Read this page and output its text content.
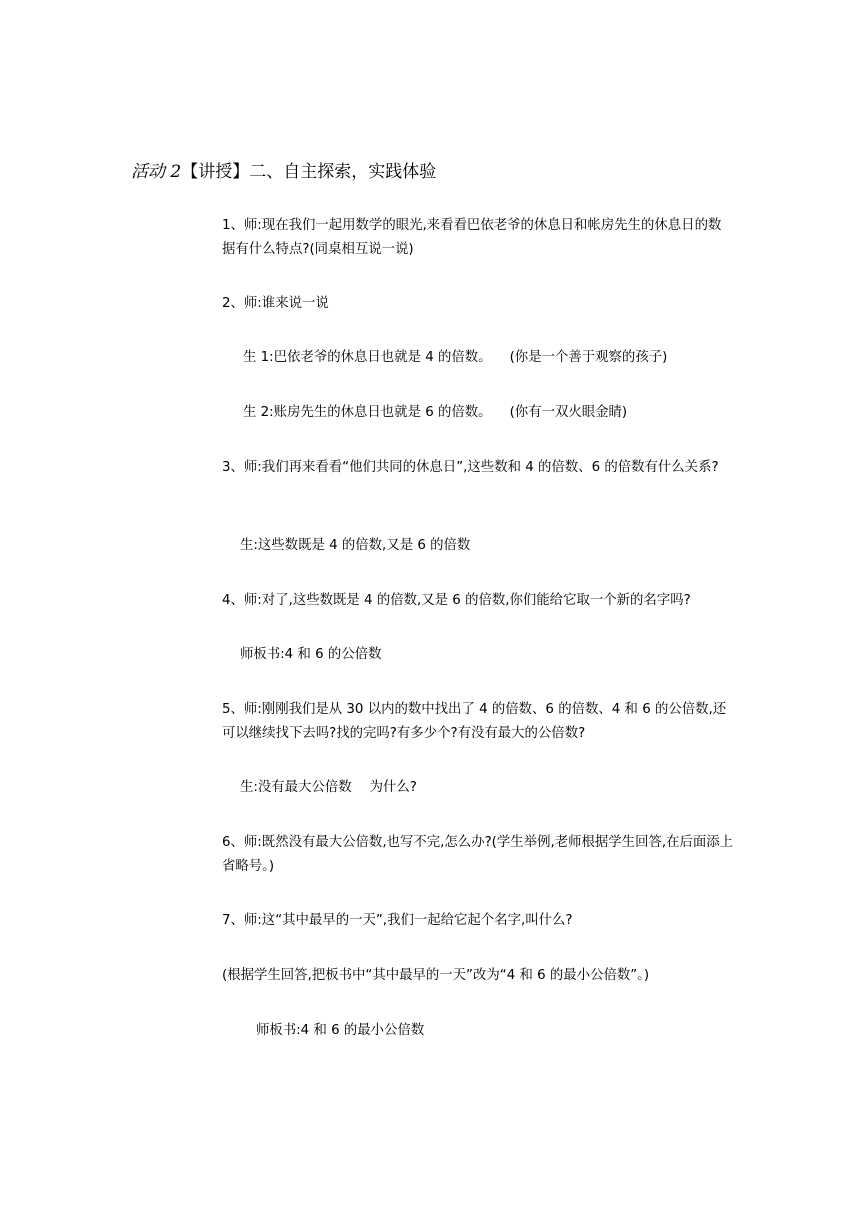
活动 2【讲授】二、自主探索，实践体验
1、师:现在我们一起用数学的眼光,来看看巴依老爷的休息日和帐房先生的休息日的数据有什么特点?(同桌相互说一说)
2、师:谁来说一说
生 1:巴依老爷的休息日也就是 4 的倍数。 (你是一个善于观察的孩子)
生 2:账房先生的休息日也就是 6 的倍数。 (你有一双火眼金睛)
3、师:我们再来看看“他们共同的休息日”,这些数和 4 的倍数、6 的倍数有什么关系?
生:这些数既是 4 的倍数,又是 6 的倍数
4、师:对了,这些数既是 4 的倍数,又是 6 的倍数,你们能给它取一个新的名字吗?
师板书:4 和 6 的公倍数
5、师:刚刚我们是从 30 以内的数中找出了 4 的倍数、6 的倍数、4 和 6 的公倍数,还可以继续找下去吗?找的完吗?有多少个?有没有最大的公倍数?
生:没有最大公倍数 为什么?
6、师:既然没有最大公倍数,也写不完,怎么办?(学生举例,老师根据学生回答,在后面添上省略号。)
7、师:这“其中最早的一天”,我们一起给它起个名字,叫什么?
(根据学生回答,把板书中“其中最早的一天”改为“4 和 6 的最小公倍数”。)
师板书:4 和 6 的最小公倍数
